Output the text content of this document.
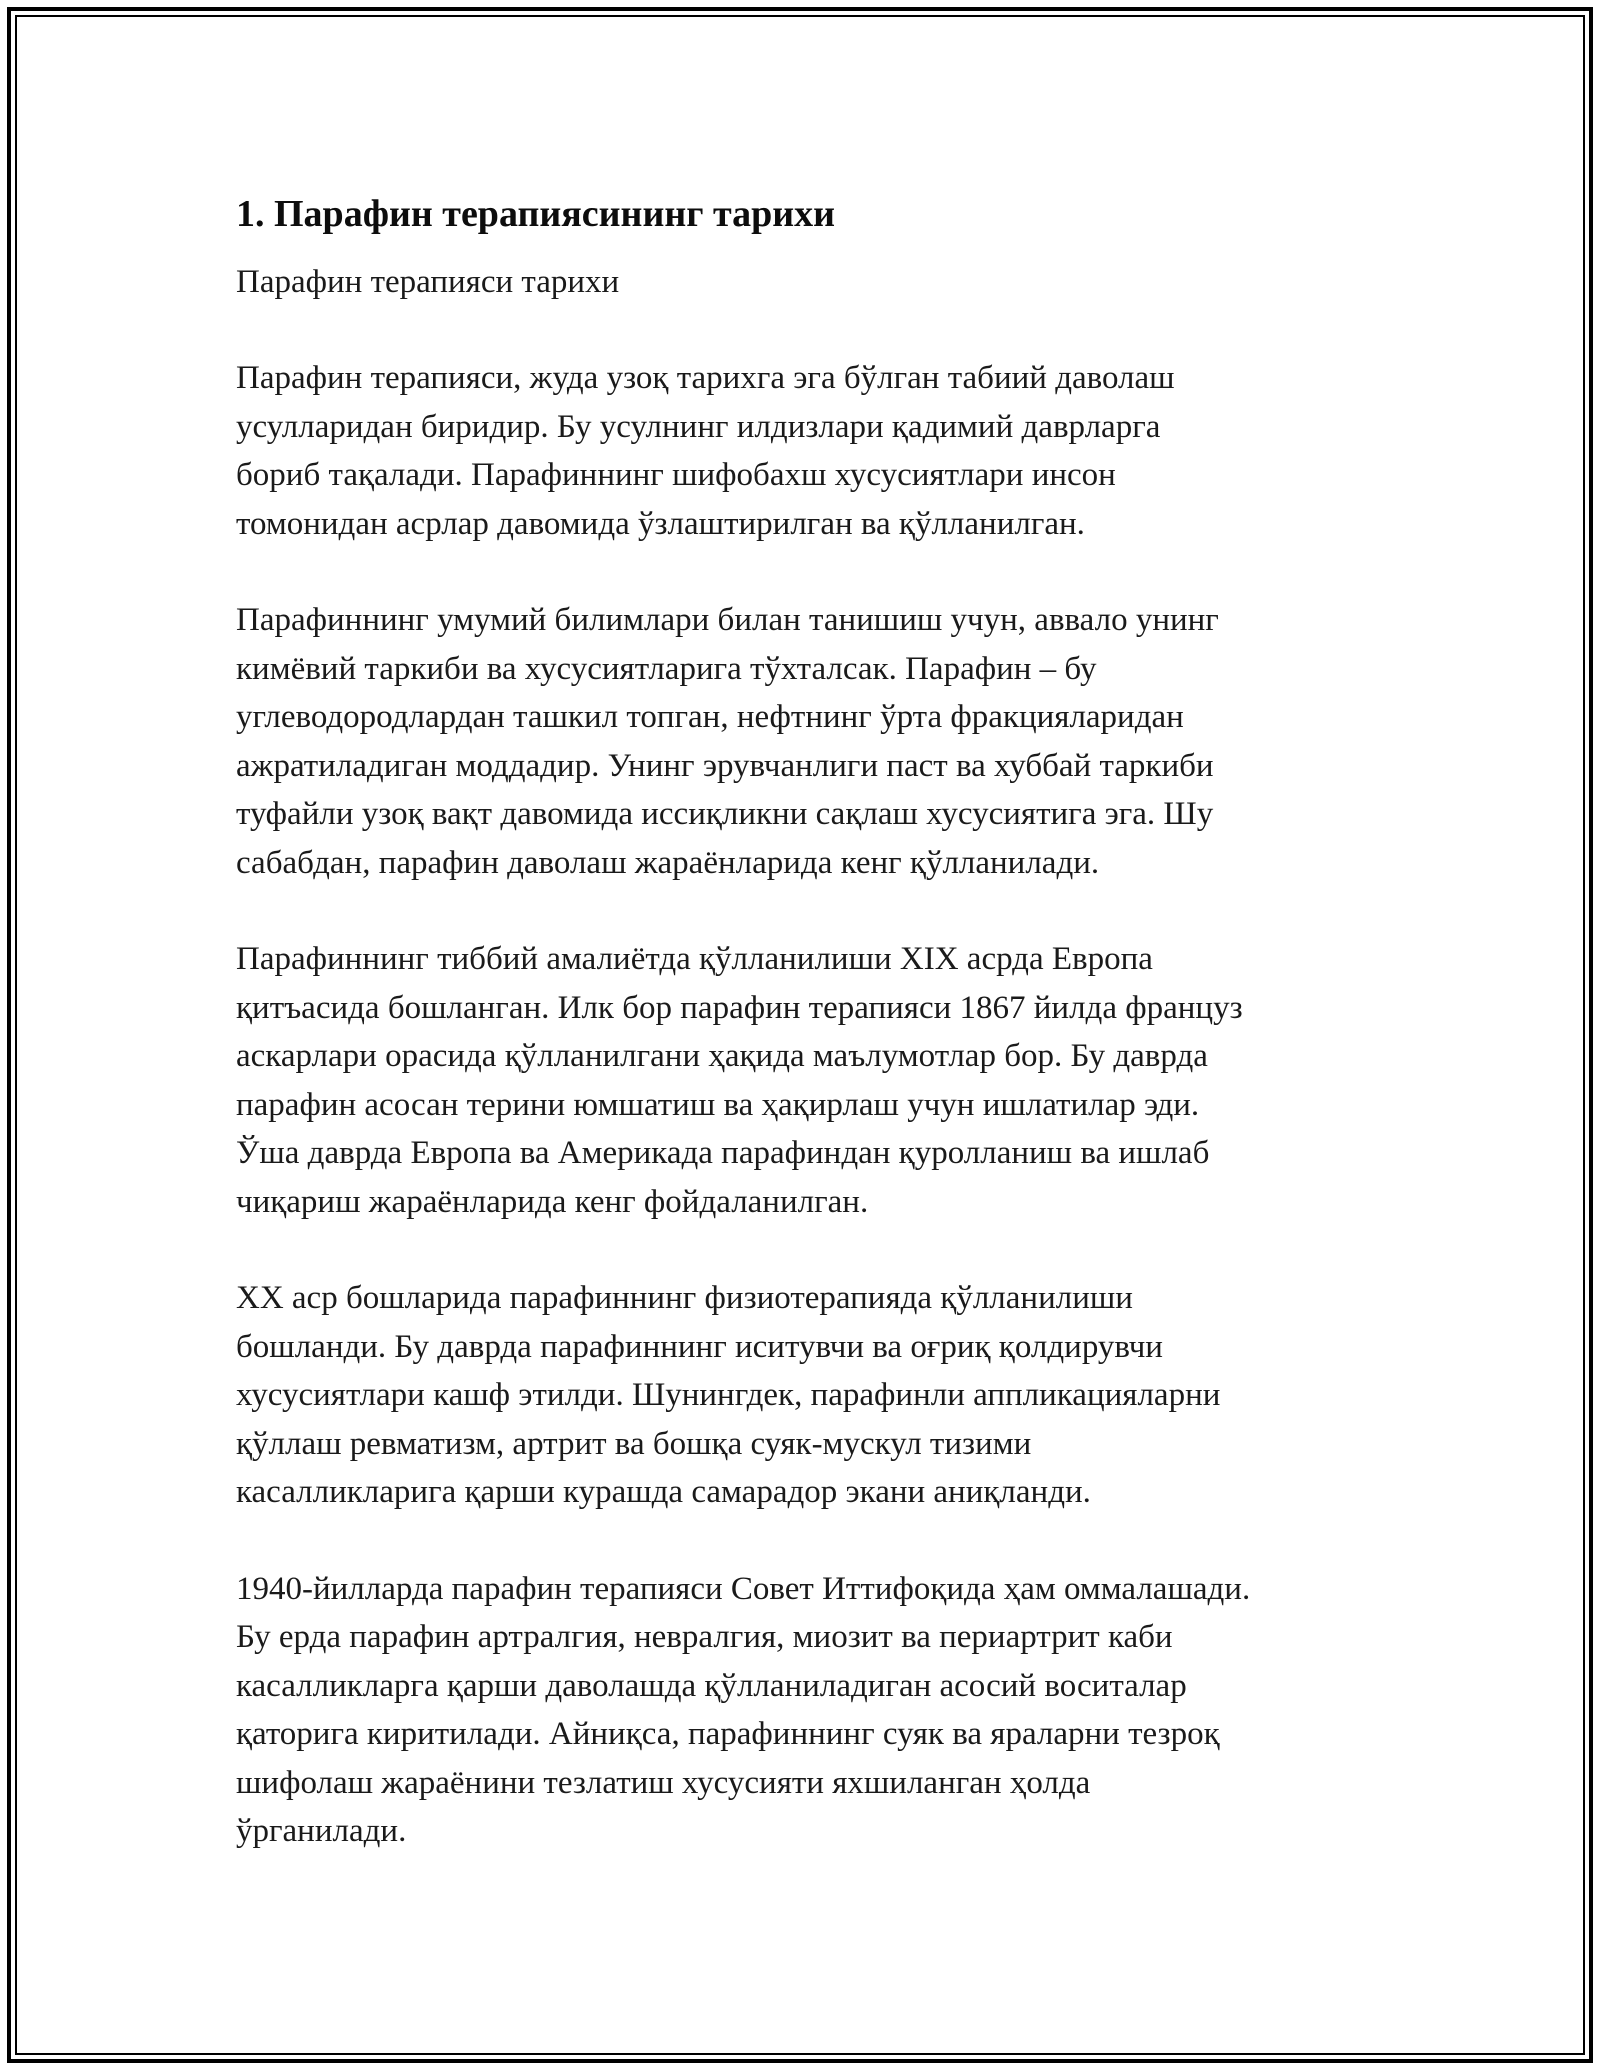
1. Парафин терапиясининг тарихи

Парафин терапияси тарихи

Парафин терапияси, жуда узоқ тарихга эга бўлган табиий даволаш
усулларидан биридир. Бу усулнинг илдизлари қадимий даврларга
бориб тақалади. Парафиннинг шифобахш хусусиятлари инсон
томонидан асрлар давомида ўзлаштирилган ва қўлланилган.

Парафиннинг умумий билимлари билан танишиш учун, аввало унинг
кимёвий таркиби ва хусусиятларига тўхталсак. Парафин – бу
углеводородлардан ташкил топган, нефтнинг ўрта фракцияларидан
ажратиладиган моддадир. Унинг эрувчанлиги паст ва хуббай таркиби
туфайли узоқ вақт давомида иссиқликни сақлаш хусусиятига эга. Шу
сабабдан, парафин даволаш жараёнларида кенг қўлланилади.

Парафиннинг тиббий амалиётда қўлланилиши XIX асрда Европа
қитъасида бошланган. Илк бор парафин терапияси 1867 йилда француз
аскарлари орасида қўлланилгани ҳақида маълумотлар бор. Бу даврда
парафин асосан терини юмшатиш ва ҳақирлаш учун ишлатилар эди.
Ўша даврда Европа ва Америкада парафиндан қуролланиш ва ишлаб
чиқариш жараёнларида кенг фойдаланилган.

XX аср бошларида парафиннинг физиотерапияда қўлланилиши
бошланди. Бу даврда парафиннинг иситувчи ва оғриқ қолдирувчи
хусусиятлари кашф этилди. Шунингдек, парафинли аппликацияларни
қўллаш ревматизм, артрит ва бошқа суяк-мускул тизими
касалликларига қарши курашда самарадор экани аниқланди.

1940-йилларда парафин терапияси Совет Иттифоқида ҳам оммалашади.
Бу ерда парафин артралгия, невралгия, миозит ва периартрит каби
касалликларга қарши даволашда қўлланиладиган асосий воситалар
қаторига киритилади. Айниқса, парафиннинг суяк ва яраларни тезроқ
шифолаш жараёнини тезлатиш хусусияти яхшиланган ҳолда
ўрганилади.
